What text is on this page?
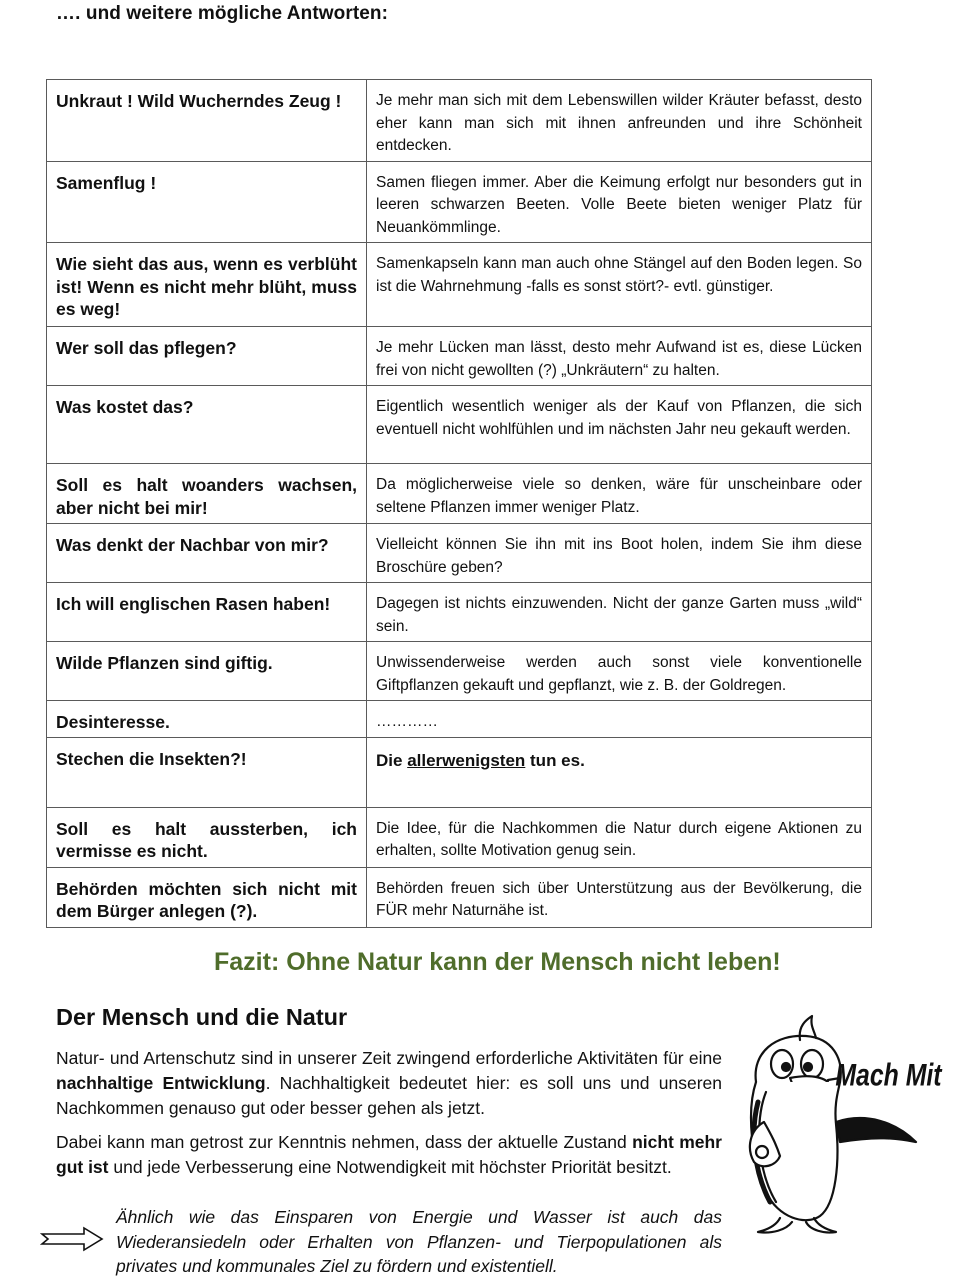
…. und weitere mögliche Antworten:
Unkraut ! Wild Wucherndes Zeug !	Je mehr man sich mit dem Lebenswillen wilder Kräuter befasst, desto eher kann man sich mit ihnen anfreunden und ihre Schönheit entdecken.
Samenflug !	Samen fliegen immer. Aber die Keimung erfolgt nur besonders gut in leeren schwarzen Beeten. Volle Beete bieten weniger Platz für Neuankömmlinge.
Wie sieht das aus, wenn es verblüht ist! Wenn es nicht mehr blüht, muss es weg!	Samenkapseln kann man auch ohne Stängel auf den Boden legen. So ist die Wahrnehmung -falls es sonst stört?- evtl. günstiger.
Wer soll das pflegen?	Je mehr Lücken man lässt, desto mehr Aufwand ist es, diese Lücken frei von nicht gewollten (?) „Unkräutern“ zu halten.
Was kostet das?	Eigentlich wesentlich weniger als der Kauf von Pflanzen, die sich eventuell nicht wohlfühlen und im nächsten Jahr neu gekauft werden.
Soll es halt woanders wachsen, aber nicht bei mir!	Da möglicherweise viele so denken, wäre für unscheinbare oder seltene Pflanzen immer weniger Platz.
Was denkt der Nachbar von mir?	Vielleicht können Sie ihn mit ins Boot holen, indem Sie ihm diese Broschüre geben?
Ich will englischen Rasen haben!	Dagegen ist nichts einzuwenden. Nicht der ganze Garten muss „wild“ sein.
Wilde Pflanzen sind giftig.	Unwissenderweise werden auch sonst viele konventionelle Giftpflanzen gekauft und gepflanzt, wie z. B. der Goldregen.
Desinteresse.	…………
Stechen die Insekten?!	Die allerwenigsten tun es.
Soll es halt aussterben, ich vermisse es nicht.	Die Idee, für die Nachkommen die Natur durch eigene Aktionen zu erhalten, sollte Motivation genug sein.
Behörden möchten sich nicht mit dem Bürger anlegen (?).	Behörden freuen sich über Unterstützung aus der Bevölkerung, die FÜR mehr Naturnähe ist.
Fazit: Ohne Natur kann der Mensch nicht leben!
Der Mensch und die Natur
Natur- und Artenschutz sind in unserer Zeit zwingend erforderliche Aktivitäten für eine nachhaltige Entwicklung. Nachhaltigkeit bedeutet hier: es soll uns und unseren Nachkommen genauso gut oder besser gehen als jetzt.
Dabei kann man getrost zur Kenntnis nehmen, dass der aktuelle Zustand nicht mehr gut ist und jede Verbesserung eine Notwendigkeit mit höchster Priorität besitzt.
Ähnlich wie das Einsparen von Energie und Wasser ist auch das Wiederansiedeln oder Erhalten von Pflanzen- und Tierpopulationen als privates und kommunales Ziel zu fördern und existentiell.
Mach Mit
